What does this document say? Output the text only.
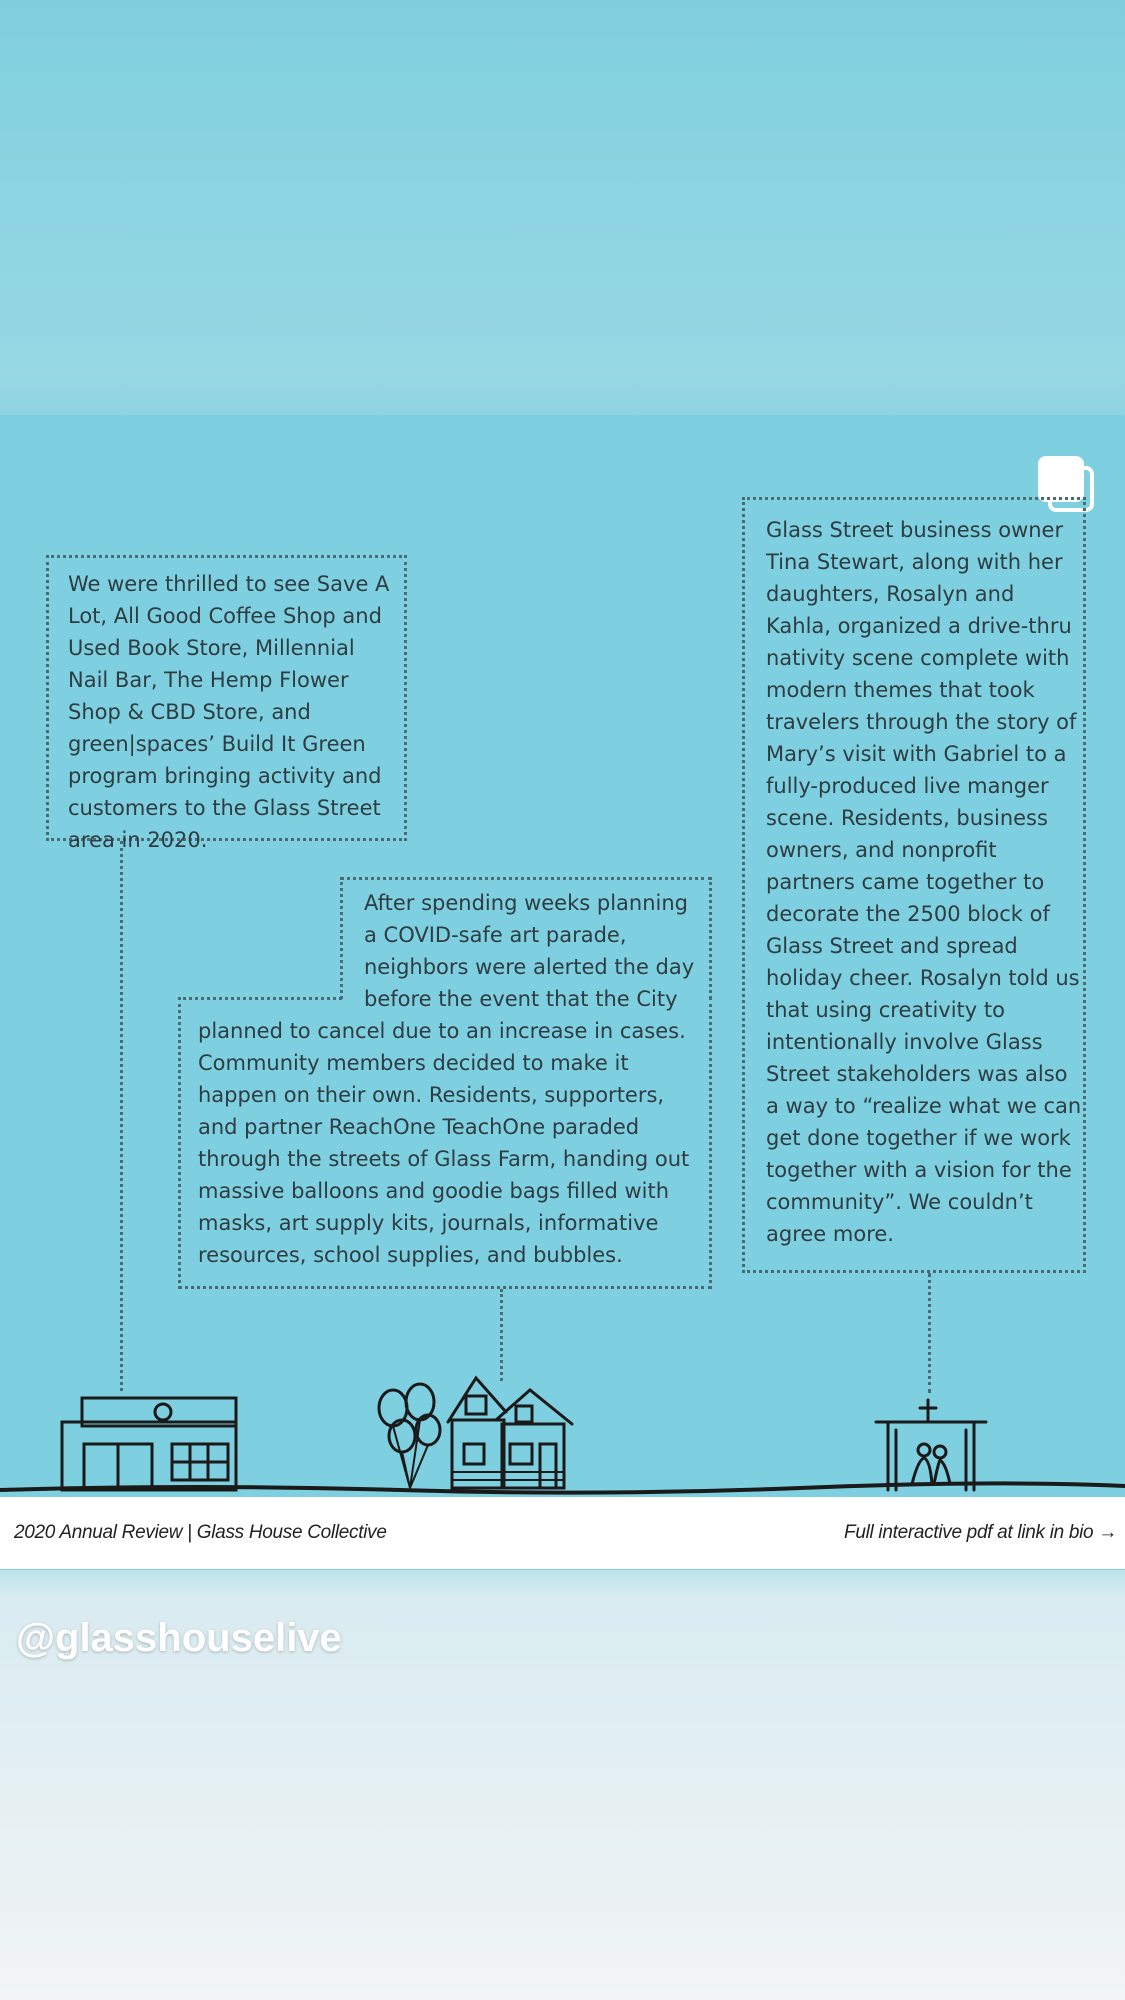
We were thrilled to see Save A Lot, All Good Coffee Shop and Used Book Store, Millennial Nail Bar, The Hemp Flower Shop & CBD Store, and green|spaces’ Build It Green program bringing activity and customers to the Glass Street area in 2020.
After spending weeks planning a COVID-safe art parade, neighbors were alerted the day before the event that the City
planned to cancel due to an increase in cases. Community members decided to make it happen on their own. Residents, supporters, and partner ReachOne TeachOne paraded through the streets of Glass Farm, handing out massive balloons and goodie bags filled with masks, art supply kits, journals, informative resources, school supplies, and bubbles.
Glass Street business owner Tina Stewart, along with her daughters, Rosalyn and Kahla, organized a drive-thru nativity scene complete with modern themes that took travelers through the story of Mary’s visit with Gabriel to a fully-produced live manger scene. Residents, business owners, and nonprofit partners came together to decorate the 2500 block of Glass Street and spread holiday cheer. Rosalyn told us that using creativity to intentionally involve Glass Street stakeholders was also a way to “realize what we can get done together if we work together with a vision for the community”. We couldn’t agree more.
2020 Annual Review | Glass House Collective	Full interactive pdf at link in bio →
@glasshouselive
